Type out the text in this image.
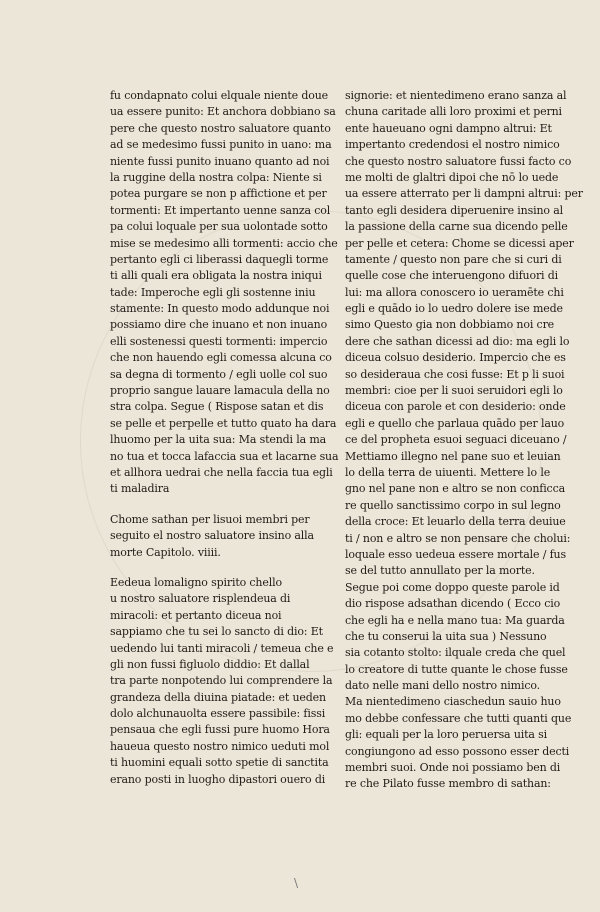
fu condapnato colui elquale niente doue
ua essere punito: Et anchora dobbiano sa
pere che questo nostro saluatore quanto
ad se medesimo fussi punito in uano: ma
niente fussi punito inuano quanto ad noi
la ruggine della nostra colpa: Niente si
potea purgare se non p affictione et per
tormenti: Et impertanto uenne sanza col
pa colui loquale per sua uolontade sotto
mise se medesimo alli tormenti: accio che
pertanto egli ci liberassi daquegli torme
ti alli quali era obligata la nostra iniqui
tade: Imperoche egli gli sostenne iniu
stamente: In questo modo addunque noi
possiamo dire che inuano et non inuano
elli sostenessi questi tormenti: impercio
che non hauendo egli comessa alcuna co
sa degna di tormento / egli uolle col suo
proprio sangue lauare lamacula della no
stra colpa. Segue ( Rispose satan et dis
se pelle et perpelle et tutto quato ha dara
lhuomo per la uita sua: Ma stendi la ma
no tua et tocca lafaccia sua et lacarne sua
et allhora uedrai che nella faccia tua egli
ti maladira
Chome sathan per lisuoi membri per
seguito el nostro saluatore insino alla
morte Capitolo. viiii.
Eedeua lomaligno spirito chello
u nostro saluatore risplendeua di
miracoli: et pertanto diceua noi
sappiamo che tu sei lo sancto di dio: Et
uedendo lui tanti miracoli / temeua che e
gli non fussi figluolo diddio: Et dallal
tra parte nonpotendo lui comprendere la
grandeza della diuina piatade: et ueden
dolo alchunauolta essere passibile: fissi
pensaua che egli fussi pure huomo Hora
haueua questo nostro nimico ueduti mol
ti huomini equali sotto spetie di sanctita
erano posti in luogho dipastori ouero di
signorie: et nientedimeno erano sanza al
chuna caritade alli loro proximi et perni
ente haueuano ogni dampno altrui: Et
impertanto credendosi el nostro nimico
che questo nostro saluatore fussi facto co
me molti de glaltri dipoi che nō lo uede
ua essere atterrato per li dampni altrui: per
tanto egli desidera diperuenire insino al
la passione della carne sua dicendo pelle
per pelle et cetera: Chome se dicessi aper
tamente / questo non pare che si curi di
quelle cose che interuengono difuori di
lui: ma allora conoscero io ueramēte chi
egli e quādo io lo uedro dolere ise mede
simo Questo gia non dobbiamo noi cre
dere che sathan dicessi ad dio: ma egli lo
diceua colsuo desiderio. Impercio che es
so desideraua che cosi fusse: Et p li suoi
membri: cioe per li suoi seruidori egli lo
diceua con parole et con desiderio: onde
egli e quello che parlaua quādo per lauo
ce del propheta esuoi seguaci diceuano /
Mettiamo illegno nel pane suo et leuian
lo della terra de uiuenti. Mettere lo le
gno nel pane non e altro se non conficca
re quello sanctissimo corpo in sul legno
della croce: Et leuarlo della terra deuiue
ti / non e altro se non pensare che cholui:
loquale esso uedeua essere mortale / fus
se del tutto annullato per la morte.
Segue poi come doppo queste parole id
dio rispose adsathan dicendo ( Ecco cio
che egli ha e nella mano tua: Ma guarda
che tu conserui la uita sua ) Nessuno
sia cotanto stolto: ilquale creda che quel
lo creatore di tutte quante le chose fusse
dato nelle mani dello nostro nimico.
Ma nientedimeno ciaschedun sauio huo
mo debbe confessare che tutti quanti que
gli: equali per la loro peruersa uita si
congiungono ad esso possono esser decti
membri suoi. Onde noi possiamo ben di
re che Pilato fusse membro di sathan:
\
